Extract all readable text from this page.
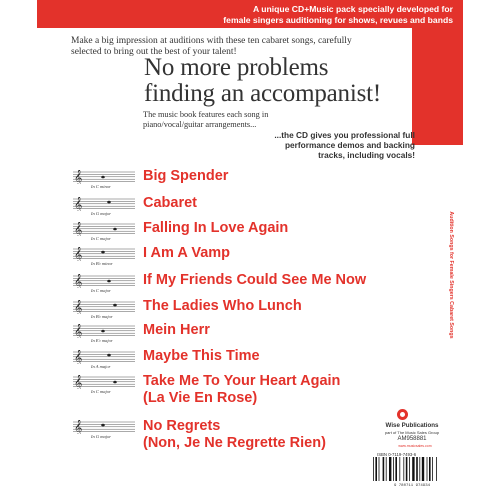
A unique CD+Music pack specially developed for
female singers auditioning for shows, revues and bands
Make a big impression at auditions with these ten cabaret songs, carefully selected to bring out the best of your talent!
No more problems
finding an accompanist!
The music book features each song in piano/vocal/guitar arrangements...
...the CD gives you professional full performance demos and backing tracks, including vocals!
𝄞
In C minor
Big Spender
𝄞
In G major
Cabaret
𝄞
In C major
Falling In Love Again
𝄞
In B♭ minor
I Am A Vamp
𝄞
In C major
If My Friends Could See Me Now
𝄞
In B♭ major
The Ladies Who Lunch
𝄞
In E♭ major
Mein Herr
𝄞
In A major
Maybe This Time
𝄞
In C major
Take Me To Your Heart Again
(La Vie En Rose)
𝄞
In G major
No Regrets
(Non, Je Ne Regrette Rien)
Audition Songs for Female Singers Cabaret Songs
Wise Publications
part of The Music Sales Group
AM958881
www.musicsales.com
ISBN 0-7119-7493-6
9 780711 974934
